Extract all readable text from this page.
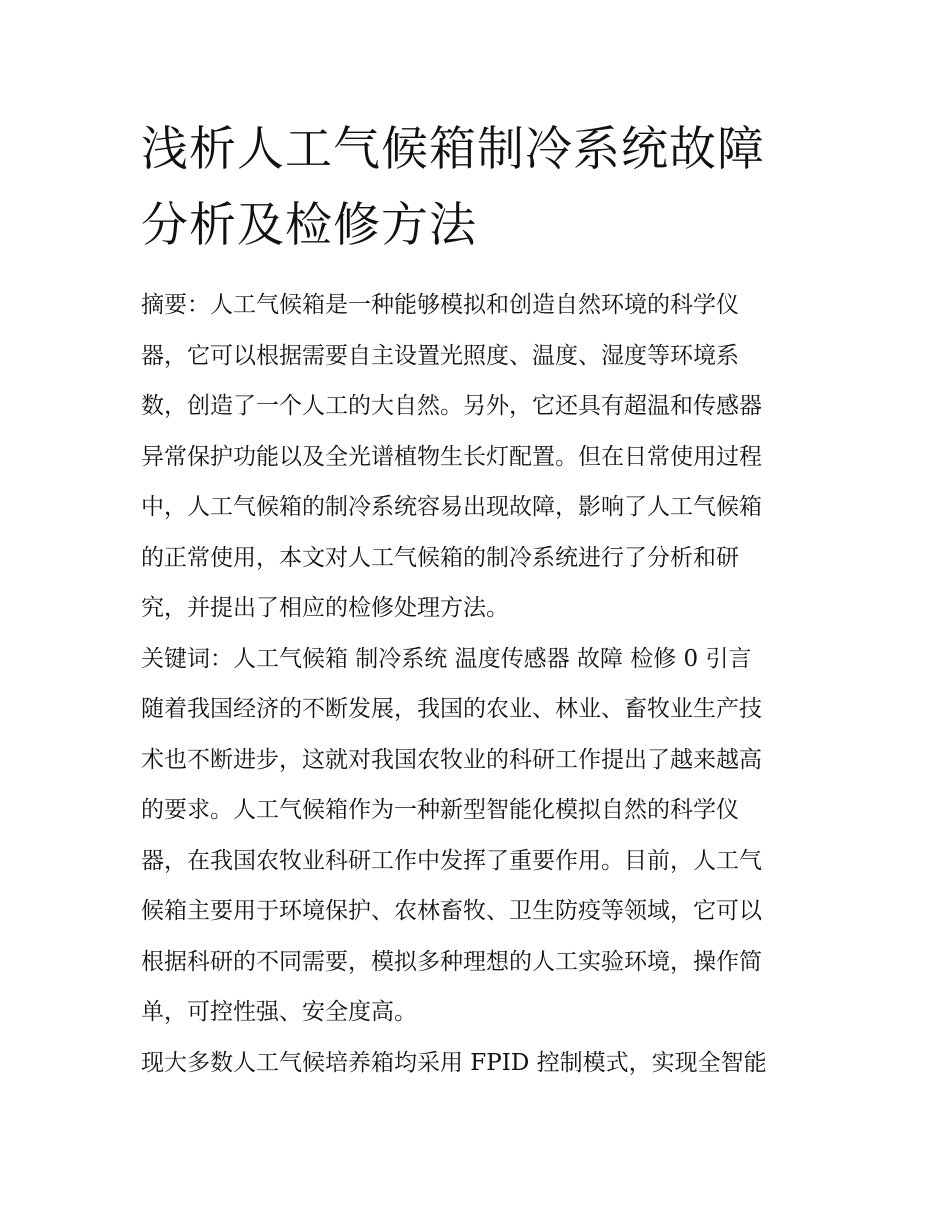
浅析人工气候箱制冷系统故障
分析及检修方法

摘要：人工气候箱是一种能够模拟和创造自然环境的科学仪
器，它可以根据需要自主设置光照度、温度、湿度等环境系
数，创造了一个人工的大自然。另外，它还具有超温和传感器
异常保护功能以及全光谱植物生长灯配置。但在日常使用过程
中，人工气候箱的制冷系统容易出现故障，影响了人工气候箱
的正常使用，本文对人工气候箱的制冷系统进行了分析和研
究，并提出了相应的检修处理方法。

关键词：人工气候箱 制冷系统 温度传感器 故障 检修 0 引言
随着我国经济的不断发展，我国的农业、林业、畜牧业生产技
术也不断进步，这就对我国农牧业的科研工作提出了越来越高
的要求。人工气候箱作为一种新型智能化模拟自然的科学仪
器，在我国农牧业科研工作中发挥了重要作用。目前，人工气
候箱主要用于环境保护、农林畜牧、卫生防疫等领域，它可以
根据科研的不同需要，模拟多种理想的人工实验环境，操作简
单，可控性强、安全度高。

现大多数人工气候培养箱均采用 FPID 控制模式，实现全智能
